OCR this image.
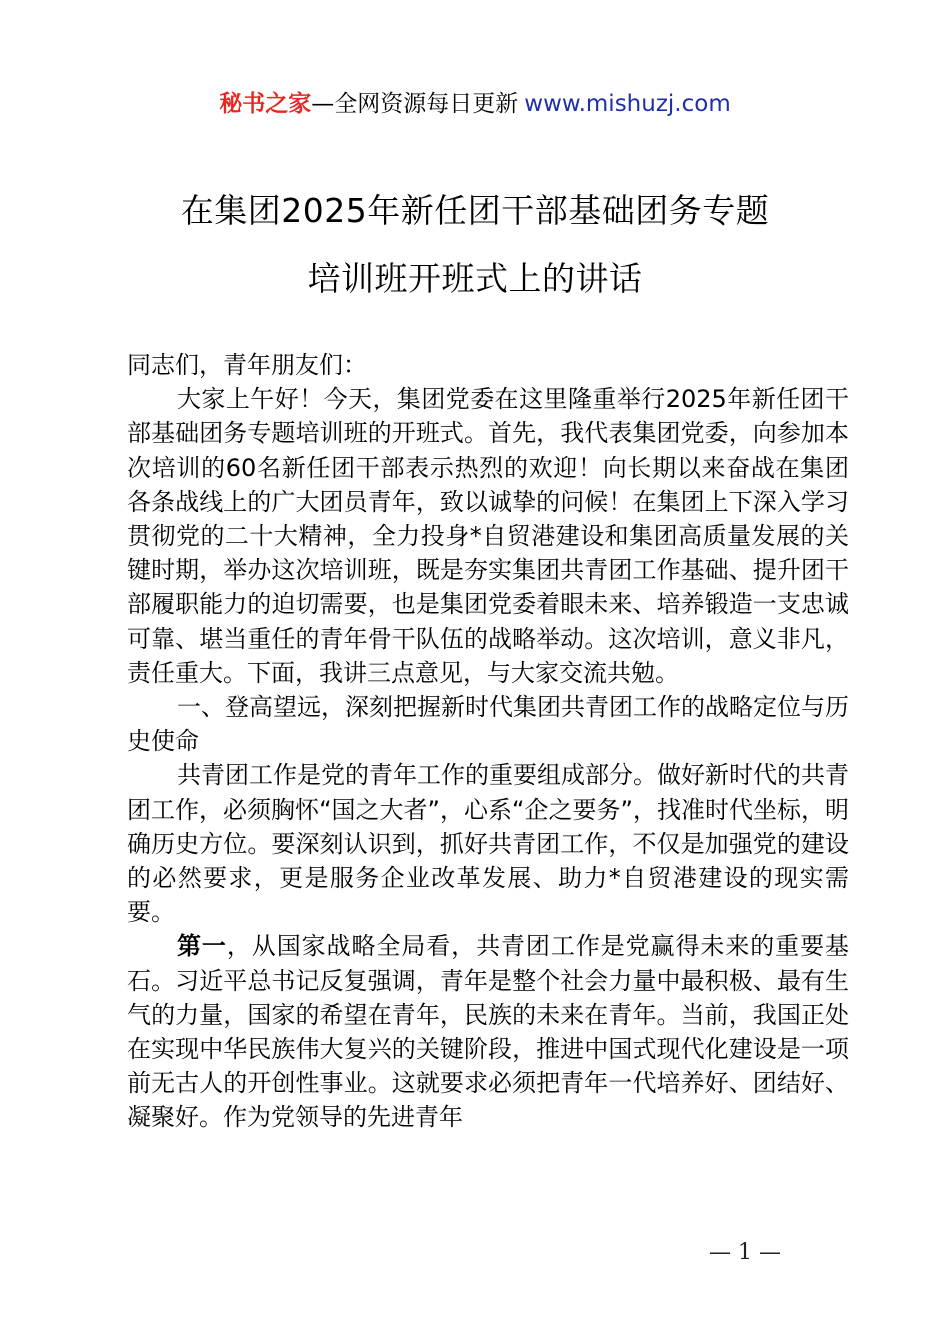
秘书之家—全网资源每日更新 www.mishuzj.com
在集团2025年新任团干部基础团务专题
培训班开班式上的讲话

同志们，青年朋友们：

大家上午好！今天，集团党委在这里隆重举行2025年新任团干部基础团务专题培训班的开班式。首先，我代表集团党委，向参加本次培训的60名新任团干部表示热烈的欢迎！向长期以来奋战在集团各条战线上的广大团员青年，致以诚挚的问候！在集团上下深入学习贯彻党的二十大精神，全力投身*自贸港建设和集团高质量发展的关键时期，举办这次培训班，既是夯实集团共青团工作基础、提升团干部履职能力的迫切需要，也是集团党委着眼未来、培养锻造一支忠诚可靠、堪当重任的青年骨干队伍的战略举动。这次培训，意义非凡，责任重大。下面，我讲三点意见，与大家交流共勉。

一、登高望远，深刻把握新时代集团共青团工作的战略定位与历史使命

共青团工作是党的青年工作的重要组成部分。做好新时代的共青团工作，必须胸怀“国之大者”，心系“企之要务”，找准时代坐标，明确历史方位。要深刻认识到，抓好共青团工作，不仅是加强党的建设的必然要求，更是服务企业改革发展、助力*自贸港建设的现实需要。

第一，从国家战略全局看，共青团工作是党赢得未来的重要基石。习近平总书记反复强调，青年是整个社会力量中最积极、最有生气的力量，国家的希望在青年，民族的未来在青年。当前，我国正处在实现中华民族伟大复兴的关键阶段，推进中国式现代化建设是一项前无古人的开创性事业。这就要求必须把青年一代培养好、团结好、凝聚好。作为党领导的先进青年

— 1 —
